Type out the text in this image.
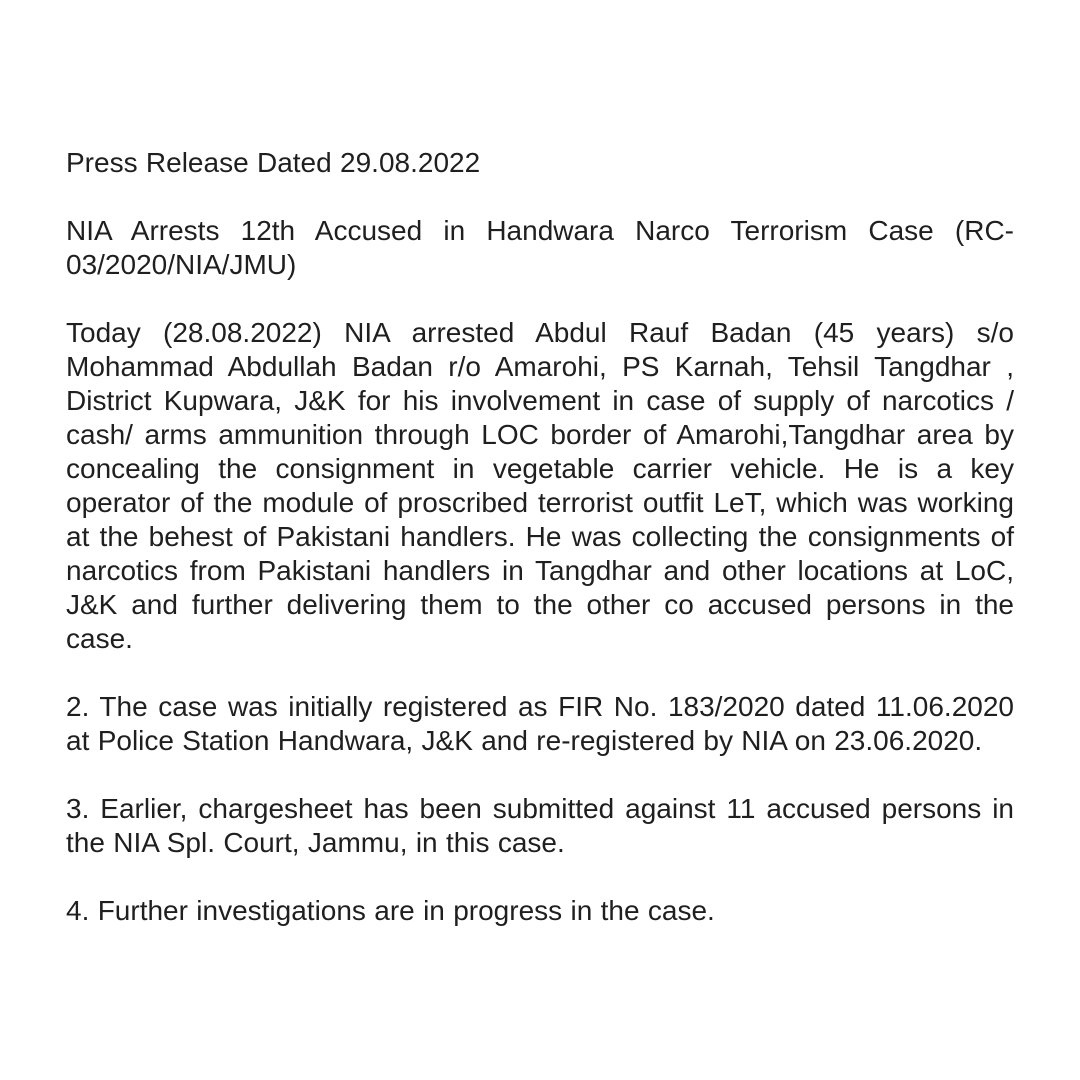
Press Release Dated 29.08.2022

NIA Arrests 12th Accused in Handwara Narco Terrorism Case (RC-03/2020/NIA/JMU)

Today (28.08.2022) NIA arrested Abdul Rauf Badan (45 years) s/o Mohammad Abdullah Badan r/o Amarohi, PS Karnah, Tehsil Tangdhar , District Kupwara, J&K for his involvement in case of supply of narcotics / cash/ arms ammunition through LOC border of Amarohi,Tangdhar area by concealing the consignment in vegetable carrier vehicle. He is a key operator of the module of proscribed terrorist outfit LeT, which was working at the behest of Pakistani handlers. He was collecting the consignments of narcotics from Pakistani handlers in Tangdhar and other locations at LoC, J&K and further delivering them to the other co accused persons in the case.

2. The case was initially registered as FIR No. 183/2020 dated 11.06.2020 at Police Station Handwara, J&K and re-registered by NIA on 23.06.2020.

3. Earlier, chargesheet has been submitted against 11 accused persons in the NIA Spl. Court, Jammu, in this case.

4. Further investigations are in progress in the case.
